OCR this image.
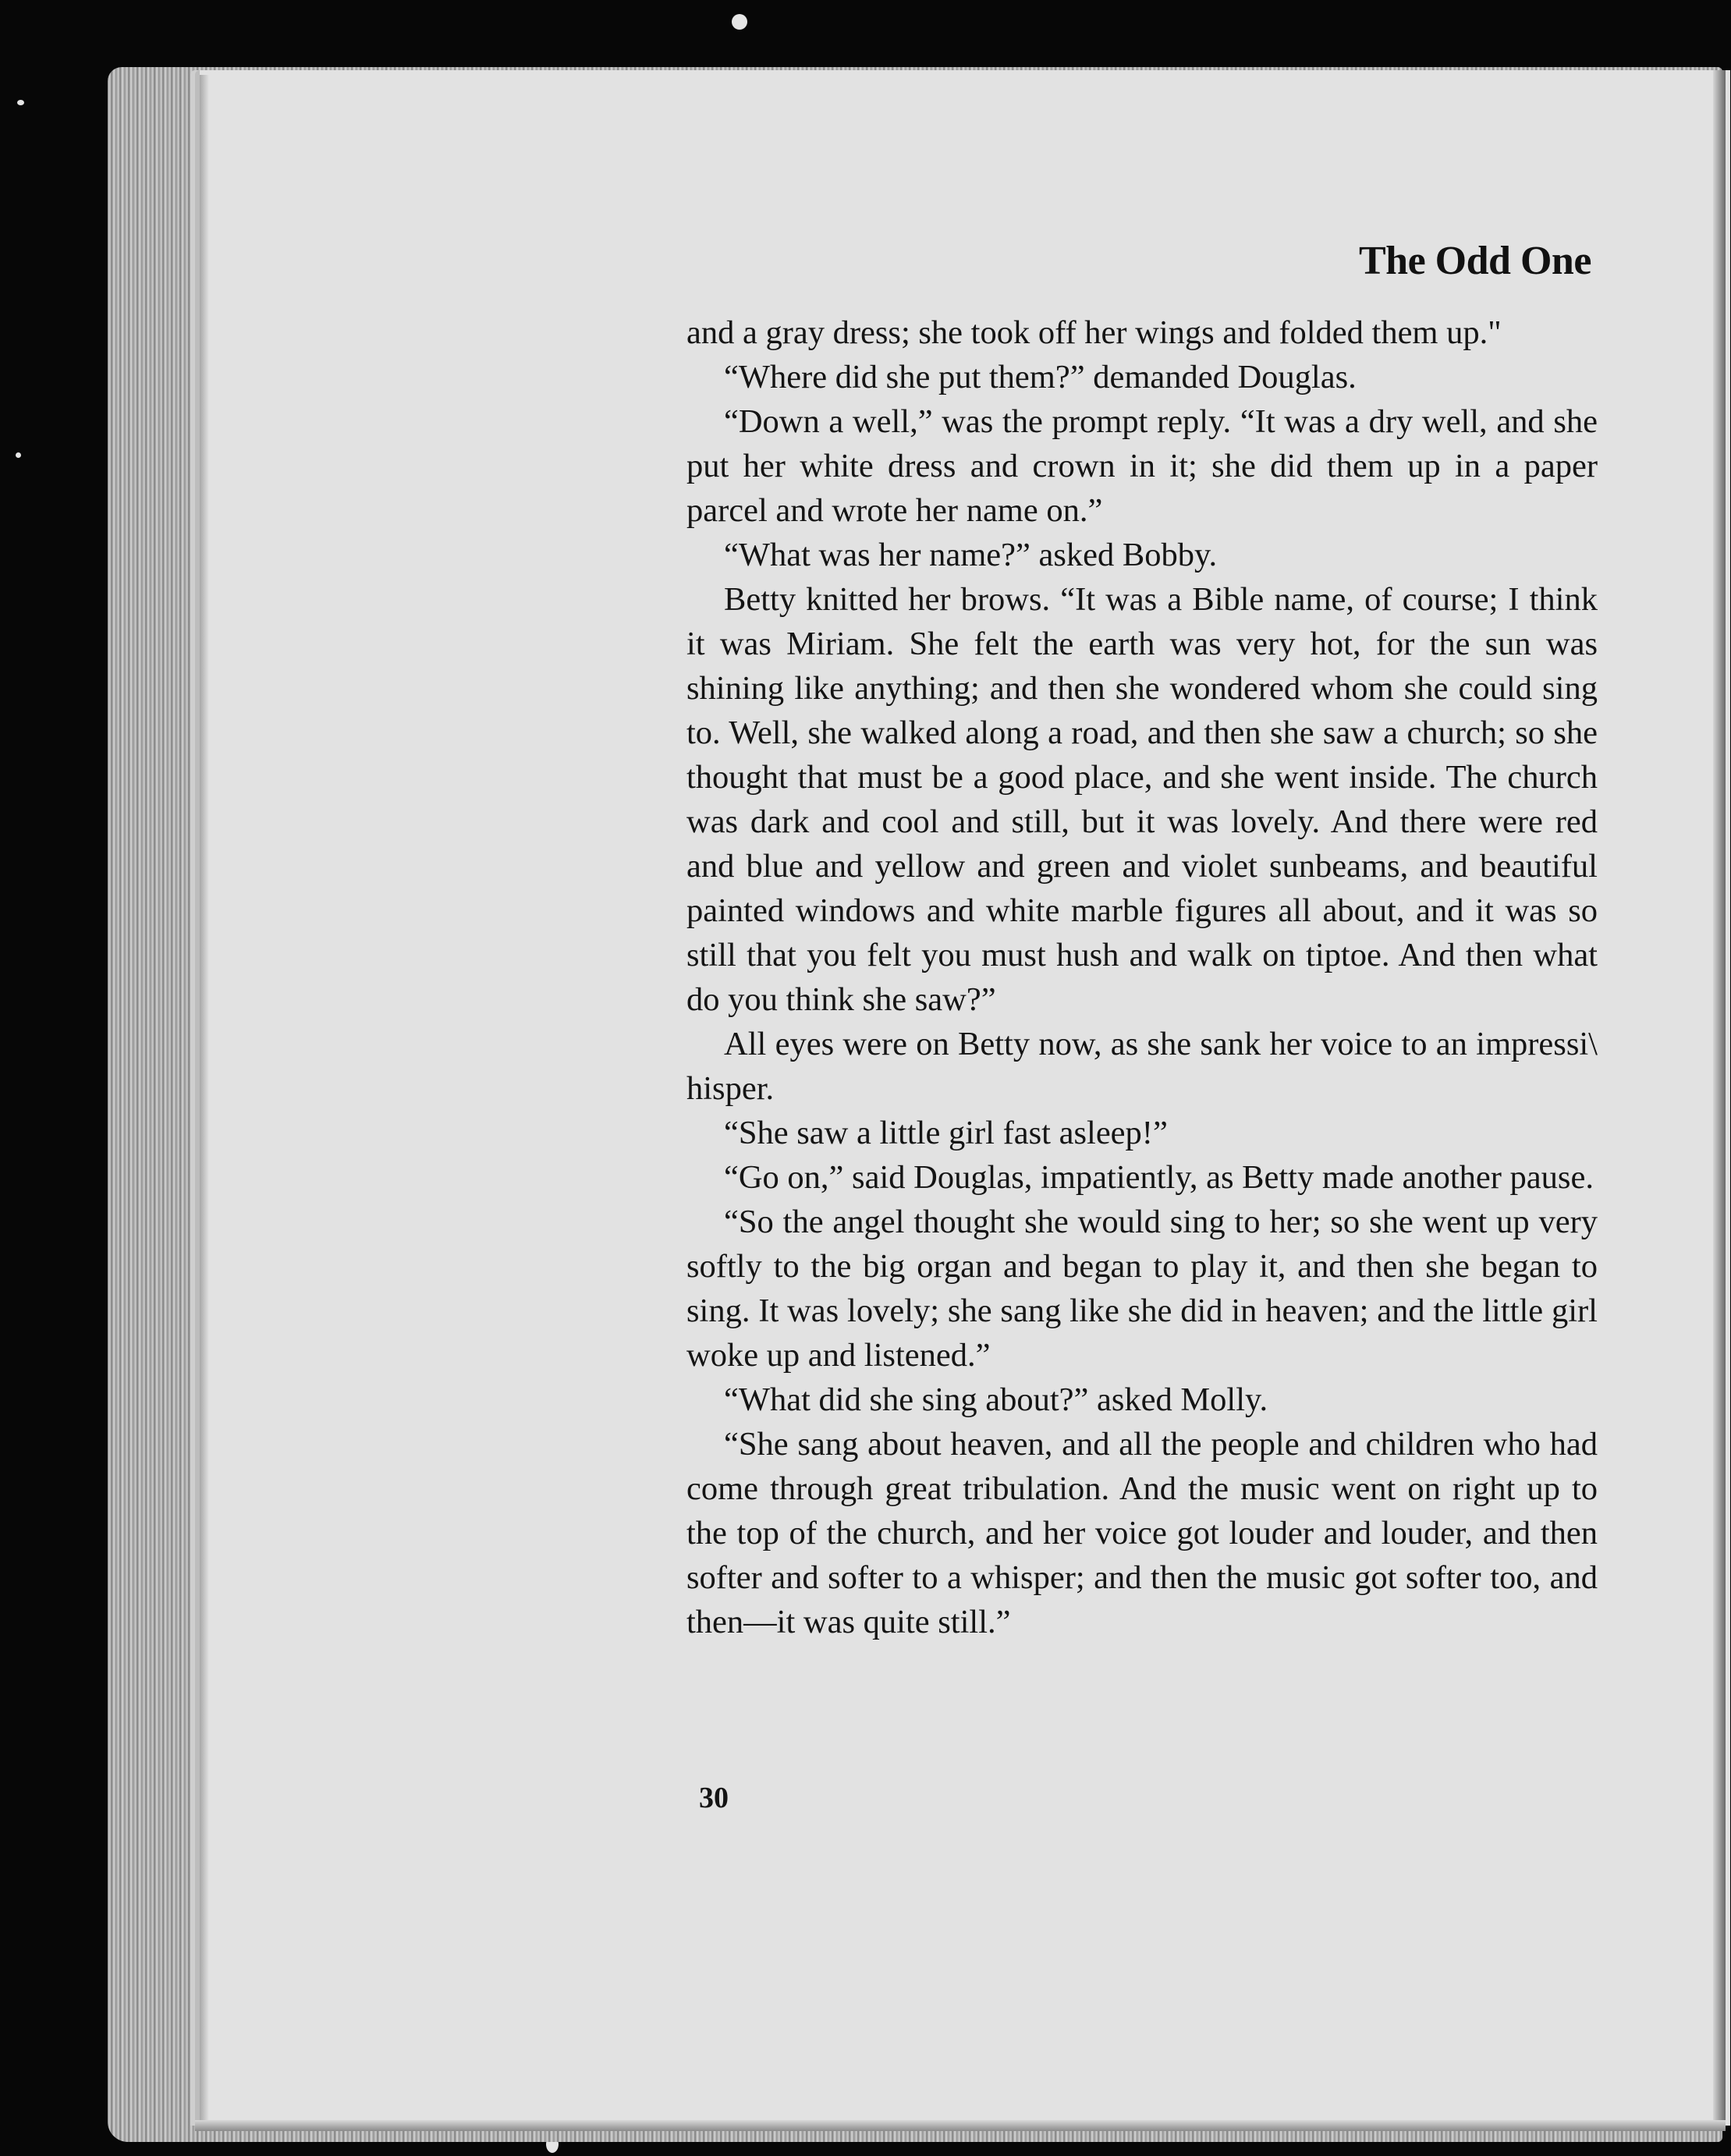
The Odd One

and a gray dress; she took off her wings and folded them up."

“Where did she put them?” demanded Douglas.

“Down a well,” was the prompt reply. “It was a dry well, and she put her white dress and crown in it; she did them up in a paper parcel and wrote her name on.”

“What was her name?” asked Bobby.

Betty knitted her brows. “It was a Bible name, of course; I think it was Miriam. She felt the earth was very hot, for the sun was shining like anything; and then she wondered whom she could sing to. Well, she walked along a road, and then she saw a church; so she thought that must be a good place, and she went inside. The church was dark and cool and still, but it was lovely. And there were red and blue and yellow and green and violet sunbeams, and beautiful painted windows and white marble figures all about, and it was so still that you felt you must hush and walk on tiptoe. And then what do you think she saw?”

All eyes were on Betty now, as she sank her voice to an impressi\ hisper.

“She saw a little girl fast asleep!”

“Go on,” said Douglas, impatiently, as Betty made another pause.

“So the angel thought she would sing to her; so she went up very softly to the big organ and began to play it, and then she began to sing. It was lovely; she sang like she did in heaven; and the little girl woke up and listened.”

“What did she sing about?” asked Molly.

“She sang about heaven, and all the people and children who had come through great tribulation. And the music went on right up to the top of the church, and her voice got louder and louder, and then softer and softer to a whisper; and then the music got softer too, and then—it was quite still.”

30
